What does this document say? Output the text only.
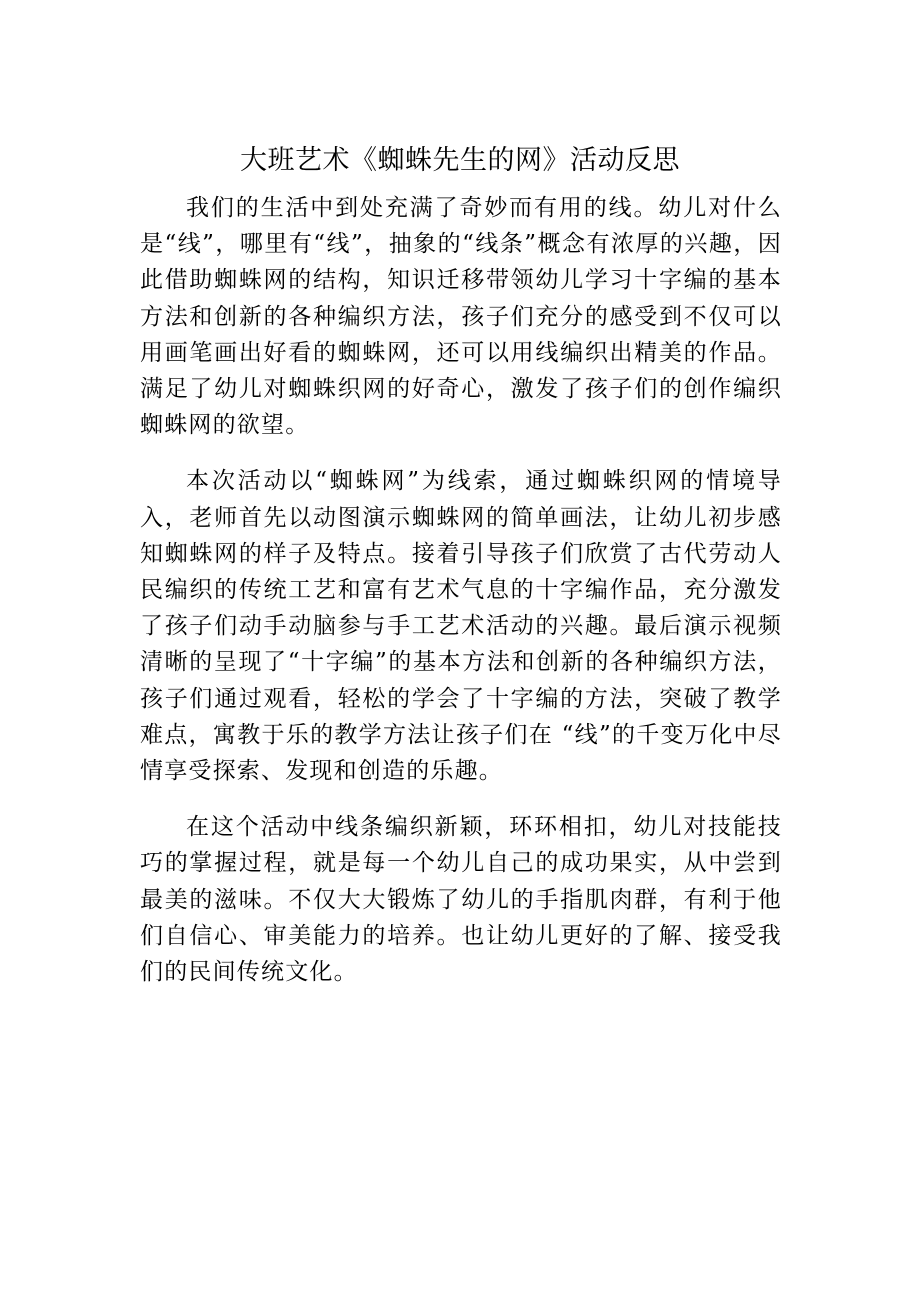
大班艺术《蜘蛛先生的网》活动反思

我们的生活中到处充满了奇妙而有用的线。幼儿对什么是“线”，哪里有“线”，抽象的“线条”概念有浓厚的兴趣，因此借助蜘蛛网的结构，知识迁移带领幼儿学习十字编的基本方法和创新的各种编织方法，孩子们充分的感受到不仅可以用画笔画出好看的蜘蛛网，还可以用线编织出精美的作品。满足了幼儿对蜘蛛织网的好奇心，激发了孩子们的创作编织蜘蛛网的欲望。

本次活动以“蜘蛛网”为线索，通过蜘蛛织网的情境导入，老师首先以动图演示蜘蛛网的简单画法，让幼儿初步感知蜘蛛网的样子及特点。接着引导孩子们欣赏了古代劳动人民编织的传统工艺和富有艺术气息的十字编作品，充分激发了孩子们动手动脑参与手工艺术活动的兴趣。最后演示视频清晰的呈现了“十字编”的基本方法和创新的各种编织方法，孩子们通过观看，轻松的学会了十字编的方法，突破了教学难点，寓教于乐的教学方法让孩子们在 “线”的千变万化中尽情享受探索、发现和创造的乐趣。

在这个活动中线条编织新颖，环环相扣，幼儿对技能技巧的掌握过程，就是每一个幼儿自己的成功果实，从中尝到最美的滋味。不仅大大锻炼了幼儿的手指肌肉群，有利于他们自信心、审美能力的培养。也让幼儿更好的了解、接受我们的民间传统文化。
